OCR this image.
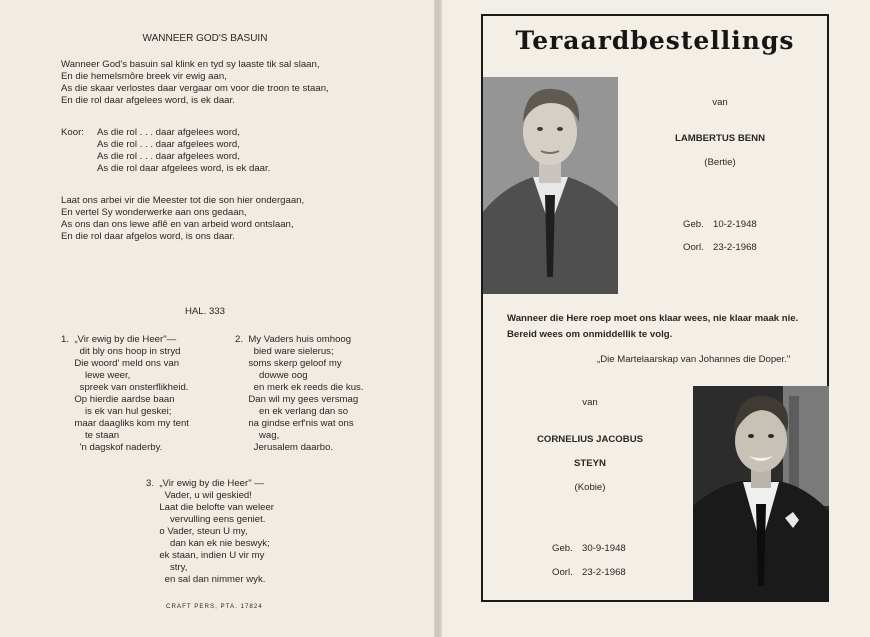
WANNEER GOD'S BASUIN
Wanneer God's basuin sal klink en tyd sy laaste tik sal slaan,
En die hemelsmôre breek vir ewig aan,
As die skaar verlostes daar vergaar om voor die troon te staan,
En die rol daar afgelees word, is ek daar.
Koor: As die rol . . . daar afgelees word,
As die rol . . . daar afgelees word,
As die rol . . . daar afgelees word,
As die rol daar afgelees word, is ek daar.
Laat ons arbei vir die Meester tot die son hier ondergaan,
En vertel Sy wonderwerke aan ons gedaan,
As ons dan ons lewe aflê en van arbeid word ontslaan,
En die rol daar afgelos word, is ons daar.
HAL. 333
1.  „Vir ewig by die Heer"—
dit bly ons hoop in stryd
Die woord' meld ons van
lewe weer,
spreek van onsterflikheid.
Op hierdie aardse baan
is ek van hul geskei;
maar daagliks kom my tent
te staan
'n dagskof naderby.
2.  My Vaders huis omhoog
bied ware sielerus;
soms skerp geloof my
dowwe oog
en merk ek reeds die kus.
Dan wil my gees versmag
en ek verlang dan so
na gindse erf'nis wat ons
wag,
Jerusalem daarbo.
3.  „Vir ewig by die Heer" —
Vader, u wil geskied!
Laat die belofte van weleer
vervulling eens geniet.
o Vader, steun U my,
dan kan ek nie beswyk;
ek staan, indien U vir my
stry,
en sal dan nimmer wyk.
CRAFT PERS, PTA. 17824
Teraardbestellings
van
LAMBERTUS BENN
(Bertie)
Geb. 10-2-1948
Oorl. 23-2-1968
Wanneer die Here roep moet ons klaar wees, nie klaar maak nie.
Bereid wees om onmiddellik te volg.
„Die Martelaarskap van Johannes die Doper."
van
CORNELIUS JACOBUS
STEYN
(Kobie)
Geb. 30-9-1948
Oorl. 23-2-1968
